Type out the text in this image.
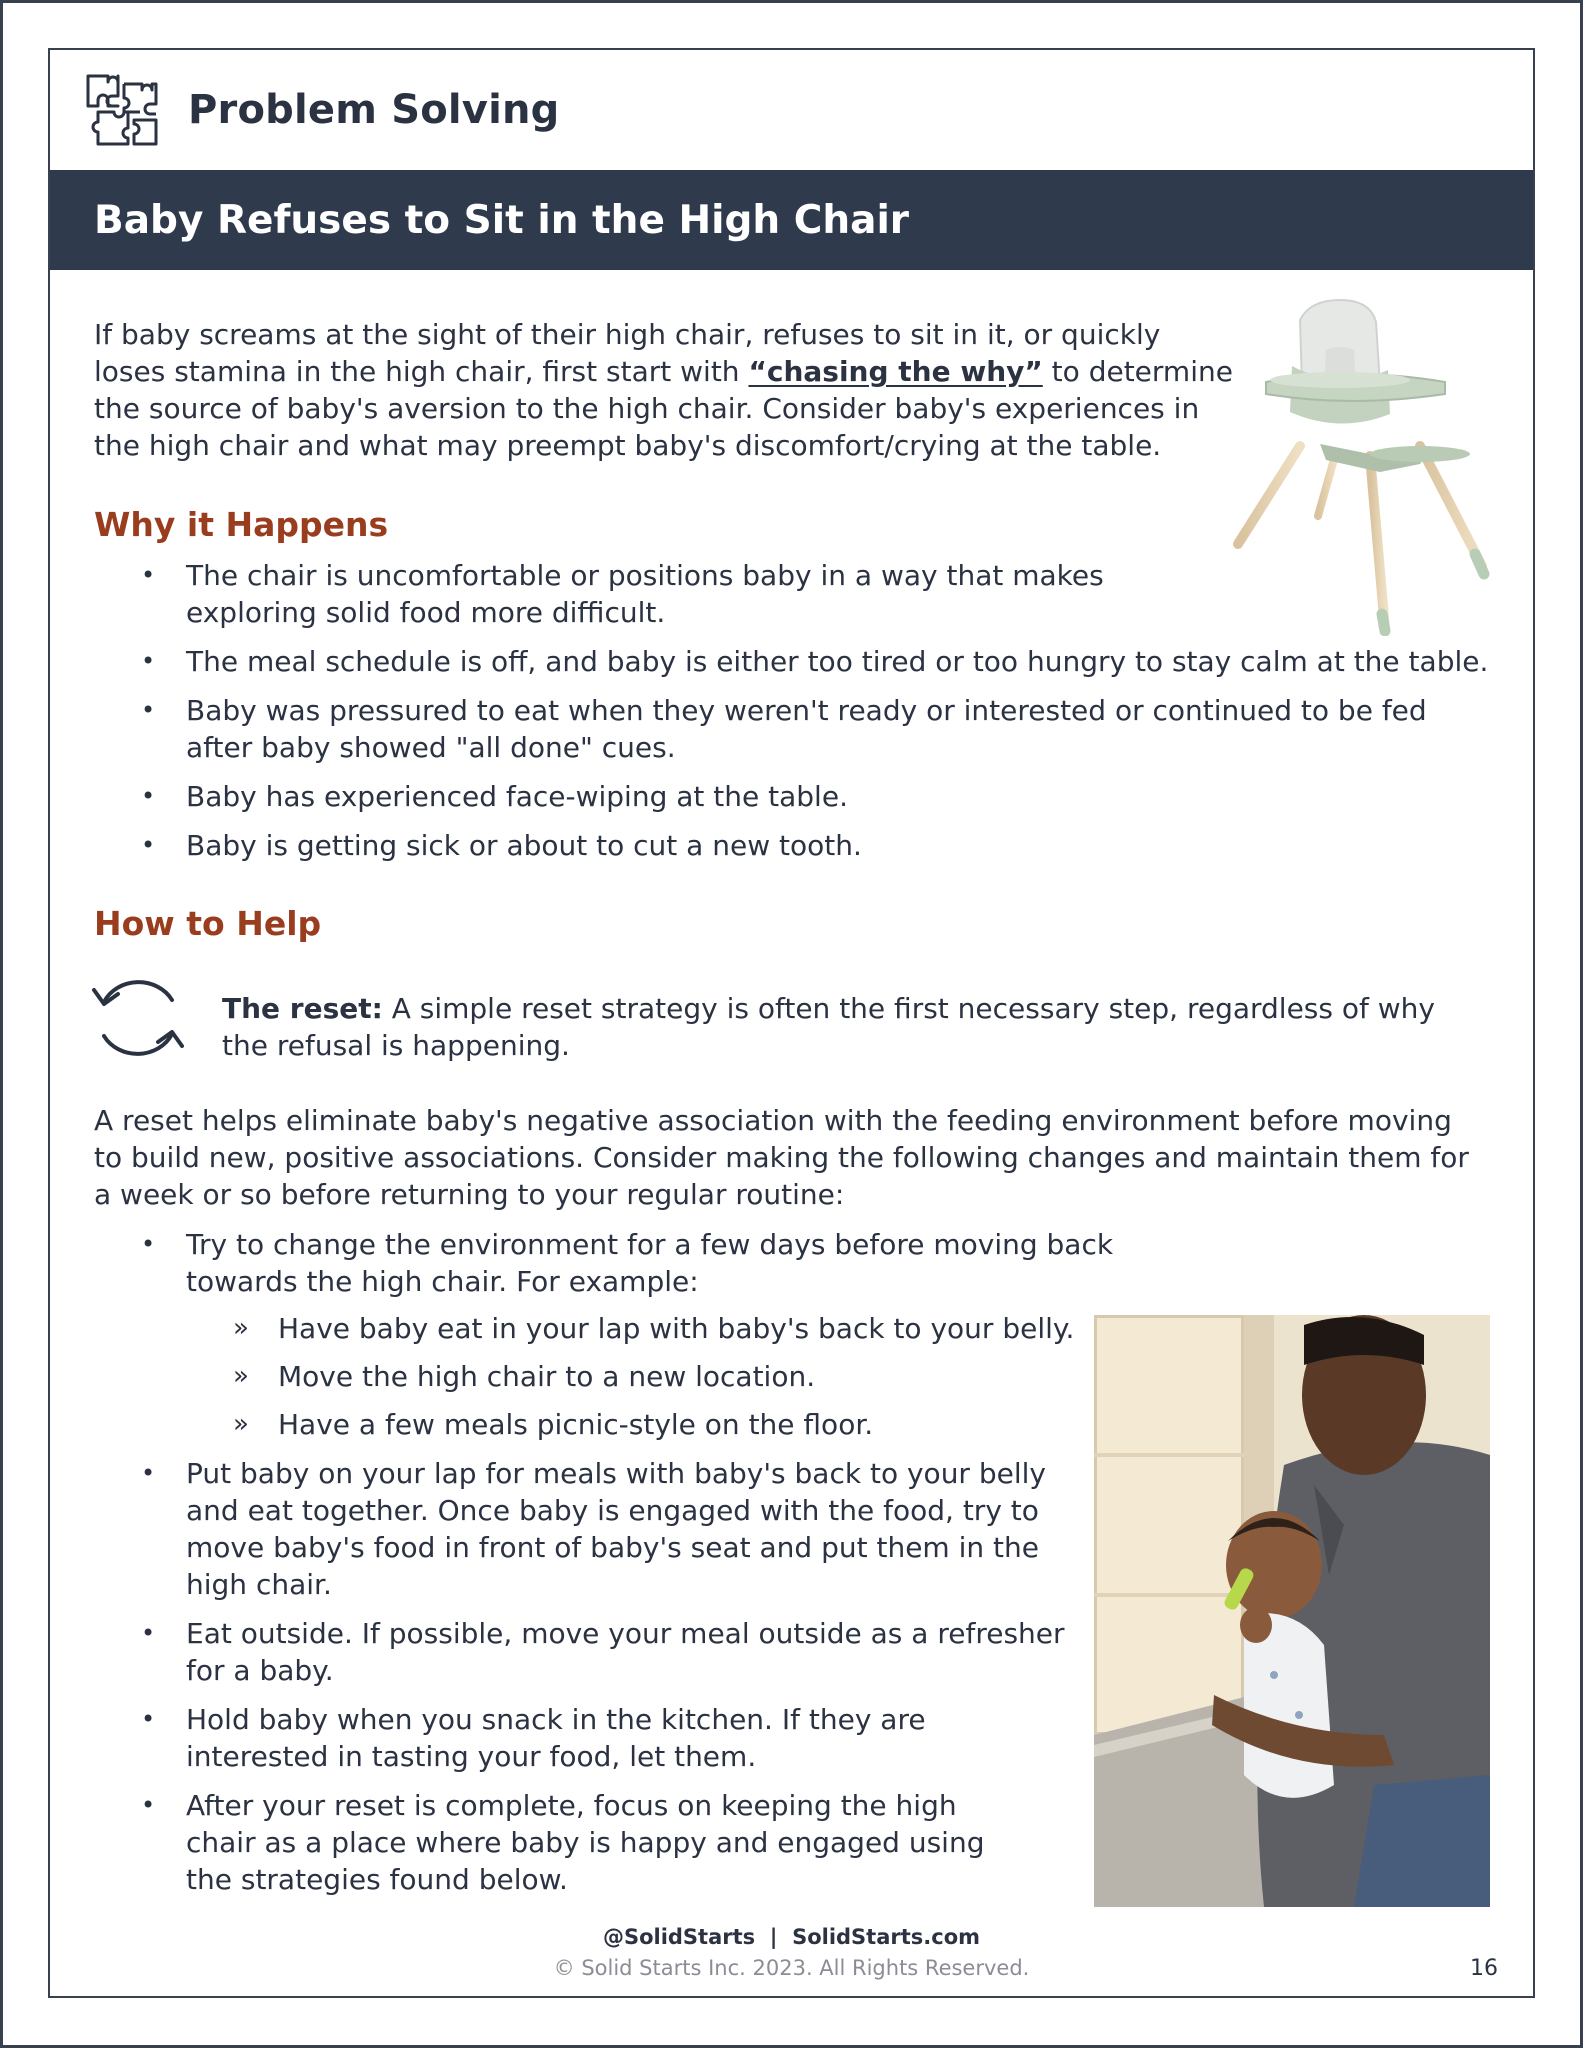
Problem Solving
Baby Refuses to Sit in the High Chair
If baby screams at the sight of their high chair, refuses to sit in it, or quickly loses stamina in the high chair, first start with “chasing the why” to determine the source of baby's aversion to the high chair. Consider baby's experiences in the high chair and what may preempt baby's discomfort/crying at the table.
Why it Happens
• The chair is uncomfortable or positions baby in a way that makes exploring solid food more difficult.
• The meal schedule is off, and baby is either too tired or too hungry to stay calm at the table.
• Baby was pressured to eat when they weren't ready or interested or continued to be fed after baby showed "all done" cues.
• Baby has experienced face-wiping at the table.
• Baby is getting sick or about to cut a new tooth.
How to Help
The reset: A simple reset strategy is often the first necessary step, regardless of why the refusal is happening.
A reset helps eliminate baby's negative association with the feeding environment before moving to build new, positive associations. Consider making the following changes and maintain them for a week or so before returning to your regular routine:
• Try to change the environment for a few days before moving back towards the high chair. For example:
» Have baby eat in your lap with baby's back to your belly.
» Move the high chair to a new location.
» Have a few meals picnic-style on the floor.
• Put baby on your lap for meals with baby's back to your belly and eat together. Once baby is engaged with the food, try to move baby's food in front of baby's seat and put them in the high chair.
• Eat outside. If possible, move your meal outside as a refresher for a baby.
• Hold baby when you snack in the kitchen. If they are interested in tasting your food, let them.
• After your reset is complete, focus on keeping the high chair as a place where baby is happy and engaged using the strategies found below.
@SolidStarts  |  SolidStarts.com
© Solid Starts Inc. 2023. All Rights Reserved.	16
